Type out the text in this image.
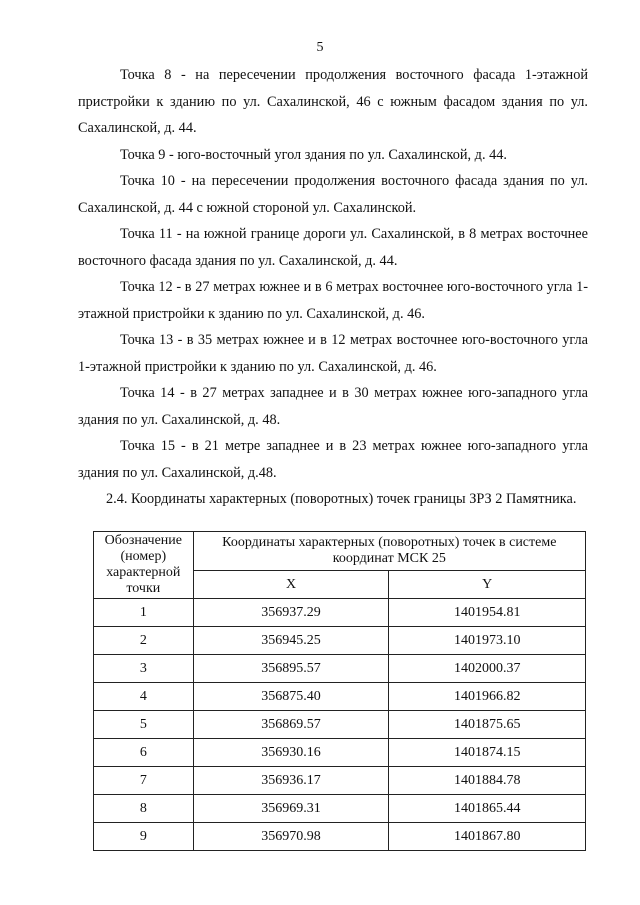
5

Точка 8 - на пересечении продолжения восточного фасада 1-этажной пристройки к зданию по ул. Сахалинской, 46 с южным фасадом здания по ул. Сахалинской, д. 44.

Точка 9 - юго-восточный угол здания по ул. Сахалинской, д. 44.

Точка 10 - на пересечении продолжения восточного фасада здания по ул. Сахалинской, д. 44 с южной стороной ул. Сахалинской.

Точка 11 - на южной границе дороги ул. Сахалинской, в 8 метрах восточнее восточного фасада здания по ул. Сахалинской, д. 44.

Точка 12 - в 27 метрах южнее и в 6 метрах восточнее юго-восточного угла 1-этажной пристройки к зданию по ул. Сахалинской, д. 46.

Точка 13 - в 35 метрах южнее и в 12 метрах восточнее юго-восточного угла 1-этажной пристройки к зданию по ул. Сахалинской, д. 46.

Точка 14 - в 27 метрах западнее и в 30 метрах южнее юго-западного угла здания по ул. Сахалинской, д. 48.

Точка 15 - в 21 метре западнее и в 23 метрах южнее юго-западного угла здания по ул. Сахалинской, д.48.

2.4. Координаты характерных (поворотных) точек границы ЗРЗ 2 Памятника.

Обозначение (номер) характерной точки	Координаты характерных (поворотных) точек в системе координат МСК 25	
	X	Y
1	356937.29	1401954.81
2	356945.25	1401973.10
3	356895.57	1402000.37
4	356875.40	1401966.82
5	356869.57	1401875.65
6	356930.16	1401874.15
7	356936.17	1401884.78
8	356969.31	1401865.44
9	356970.98	1401867.80
